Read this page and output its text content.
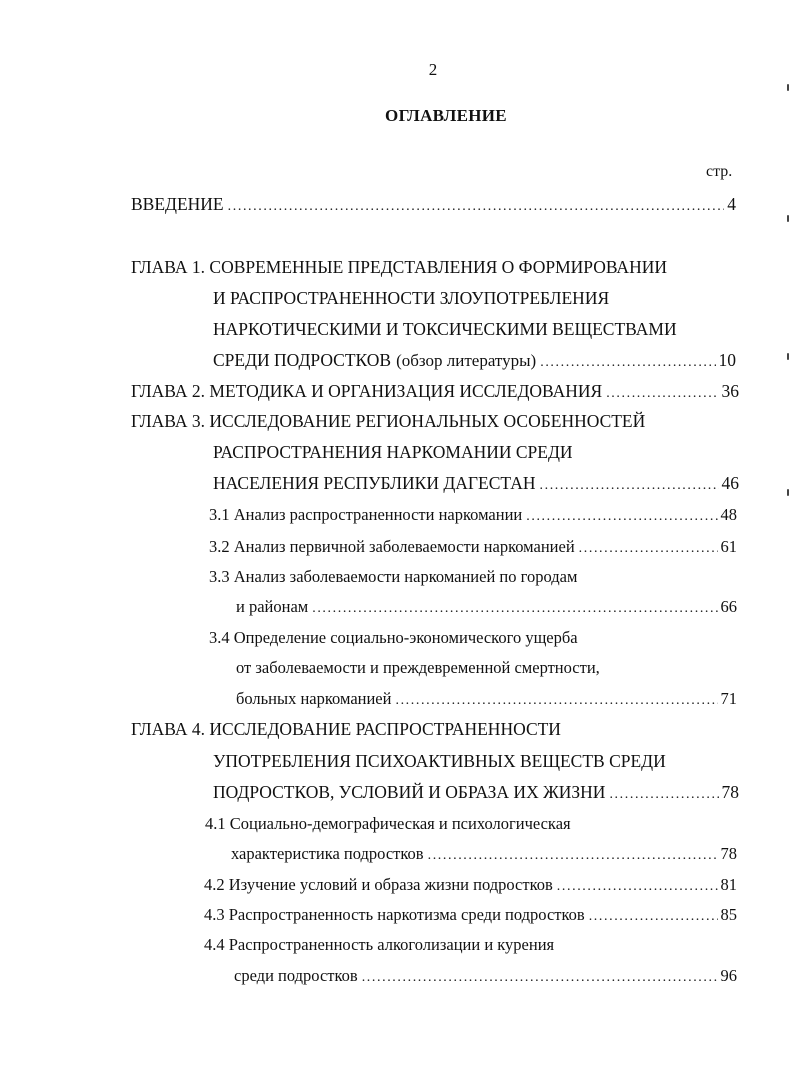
2
ОГЛАВЛЕНИЕ
стр.
ВВЕДЕНИЕ .....	4
ГЛАВА 1. СОВРЕМЕННЫЕ ПРЕДСТАВЛЕНИЯ О ФОРМИРОВАНИИ
И РАСПРОСТРАНЕННОСТИ ЗЛОУПОТРЕБЛЕНИЯ
НАРКОТИЧЕСКИМИ И ТОКСИЧЕСКИМИ ВЕЩЕСТВАМИ
СРЕДИ ПОДРОСТКОВ (обзор литературы) .....	10
ГЛАВА 2. МЕТОДИКА И ОРГАНИЗАЦИЯ ИССЛЕДОВАНИЯ .....	36
ГЛАВА 3. ИССЛЕДОВАНИЕ РЕГИОНАЛЬНЫХ ОСОБЕННОСТЕЙ
РАСПРОСТРАНЕНИЯ НАРКОМАНИИ СРЕДИ
НАСЕЛЕНИЯ РЕСПУБЛИКИ ДАГЕСТАН .....	46
3.1 Анализ распространенности наркомании .....	48
3.2 Анализ первичной заболеваемости наркоманией .....	61
3.3 Анализ заболеваемости наркоманией по городам
и районам .....	66
3.4 Определение социально-экономического ущерба
от заболеваемости и преждевременной смертности,
больных наркоманией .....	71
ГЛАВА 4. ИССЛЕДОВАНИЕ РАСПРОСТРАНЕННОСТИ
УПОТРЕБЛЕНИЯ ПСИХОАКТИВНЫХ ВЕЩЕСТВ СРЕДИ
ПОДРОСТКОВ, УСЛОВИЙ И ОБРАЗА ИХ ЖИЗНИ .....	78
4.1 Социально-демографическая и психологическая
характеристика подростков .....	78
4.2 Изучение условий и образа жизни подростков .....	81
4.3 Распространенность наркотизма среди подростков .....	85
4.4 Распространенность алкоголизации и курения
среди подростков .....	96
